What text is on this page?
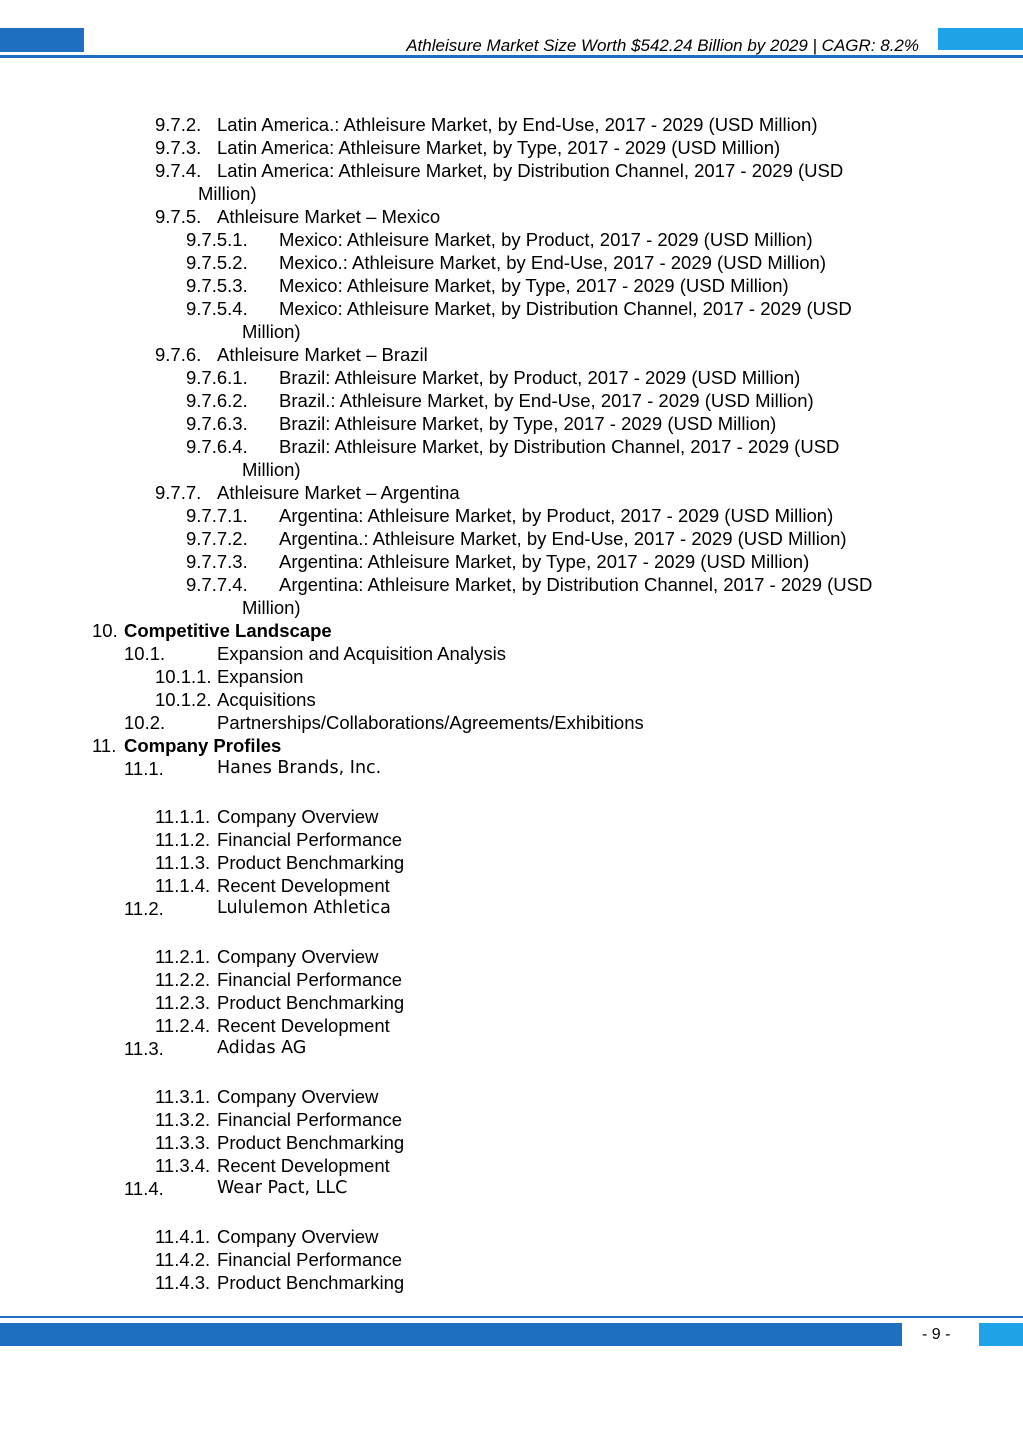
Athleisure Market Size Worth $542.24 Billion by 2029 | CAGR: 8.2%
9.7.2. Latin America.: Athleisure Market, by End-Use, 2017 - 2029 (USD Million)
9.7.3. Latin America: Athleisure Market, by Type, 2017 - 2029 (USD Million)
9.7.4. Latin America: Athleisure Market, by Distribution Channel, 2017 - 2029 (USD
Million)
9.7.5. Athleisure Market – Mexico
9.7.5.1. Mexico: Athleisure Market, by Product, 2017 - 2029 (USD Million)
9.7.5.2. Mexico.: Athleisure Market, by End-Use, 2017 - 2029 (USD Million)
9.7.5.3. Mexico: Athleisure Market, by Type, 2017 - 2029 (USD Million)
9.7.5.4. Mexico: Athleisure Market, by Distribution Channel, 2017 - 2029 (USD
Million)
9.7.6. Athleisure Market – Brazil
9.7.6.1. Brazil: Athleisure Market, by Product, 2017 - 2029 (USD Million)
9.7.6.2. Brazil.: Athleisure Market, by End-Use, 2017 - 2029 (USD Million)
9.7.6.3. Brazil: Athleisure Market, by Type, 2017 - 2029 (USD Million)
9.7.6.4. Brazil: Athleisure Market, by Distribution Channel, 2017 - 2029 (USD
Million)
9.7.7. Athleisure Market – Argentina
9.7.7.1. Argentina: Athleisure Market, by Product, 2017 - 2029 (USD Million)
9.7.7.2. Argentina.: Athleisure Market, by End-Use, 2017 - 2029 (USD Million)
9.7.7.3. Argentina: Athleisure Market, by Type, 2017 - 2029 (USD Million)
9.7.7.4. Argentina: Athleisure Market, by Distribution Channel, 2017 - 2029 (USD
Million)
10. Competitive Landscape
10.1.	Expansion and Acquisition Analysis
10.1.1. Expansion
10.1.2. Acquisitions
10.2.	Partnerships/Collaborations/Agreements/Exhibitions
11. Company Profiles
11.1.	Hanes Brands, Inc.
11.1.1. Company Overview
11.1.2. Financial Performance
11.1.3. Product Benchmarking
11.1.4. Recent Development
11.2.	Lululemon Athletica
11.2.1. Company Overview
11.2.2. Financial Performance
11.2.3. Product Benchmarking
11.2.4. Recent Development
11.3.	Adidas AG
11.3.1. Company Overview
11.3.2. Financial Performance
11.3.3. Product Benchmarking
11.3.4. Recent Development
11.4.	Wear Pact, LLC
11.4.1. Company Overview
11.4.2. Financial Performance
11.4.3. Product Benchmarking
- 9 -
